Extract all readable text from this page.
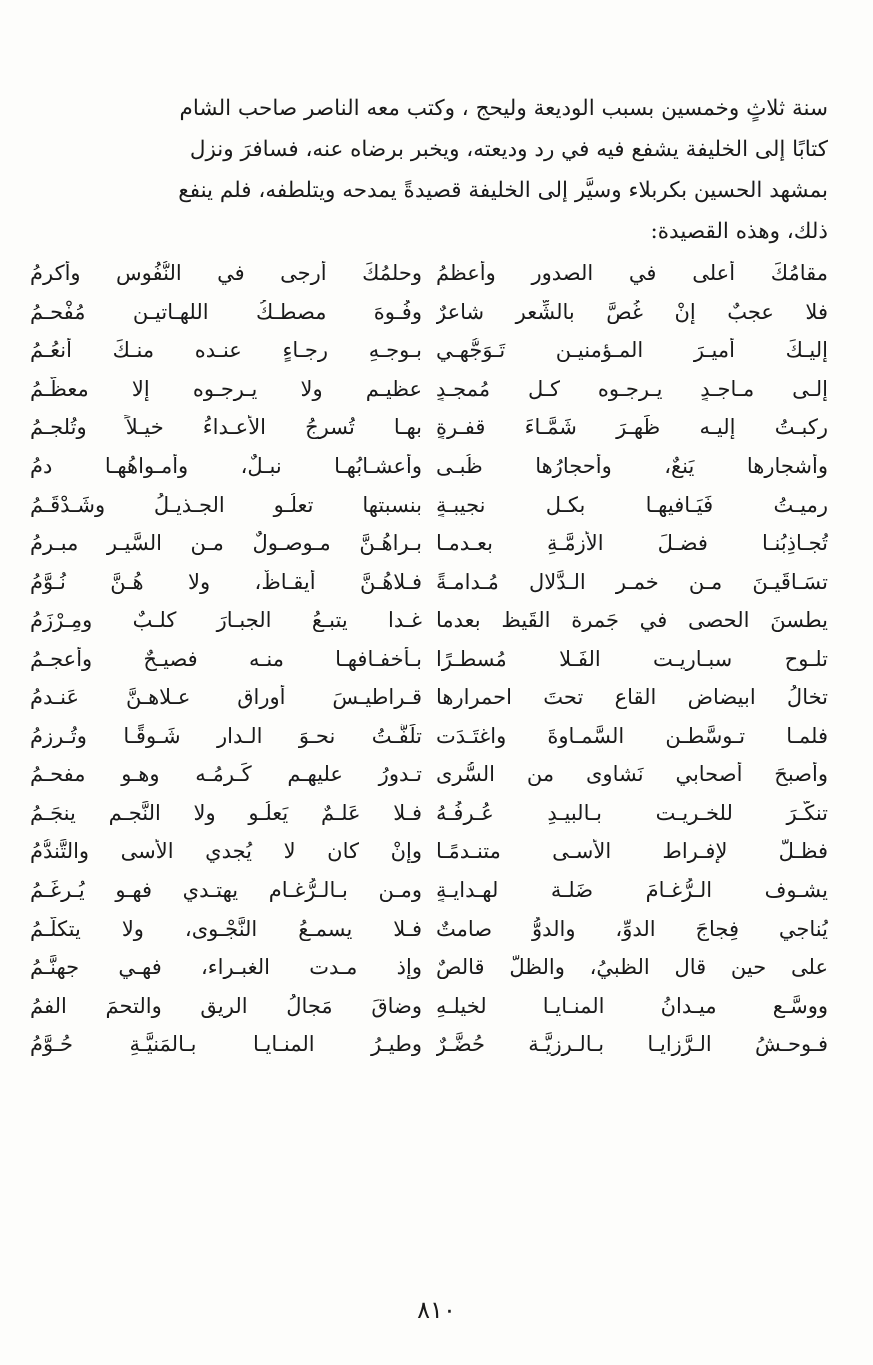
سنة ثلاثٍ وخمسين بسبب الوديعة وليحج ، وكتب معه الناصر صاحب الشام

كتابًا إلى الخليفة يشفع فيه في رد وديعته، ويخبر برضاه عنه، فسافرَ ونزل

بمشهد الحسين بكربلاء وسيَّر إلى الخليفة قصيدةً يمدحه ويتلطفه، فلم ينفع

ذلك، وهذه القصيدة:

مقامُكَ أعلى في الصدور وأعظمُ
وحلمُكَ أرجى في النُّفُوس وأكرمُ
فلا عجبٌ إنْ غُصَّ بالشِّعر شاعرٌ
وفُـوهَ مصطـكُ اللهـاتيـن مُفْحـمُ
إليـكَ أميـرَ المـؤمنيـن تَـوَجُّهـي
بـوجـهِ رجـاءٍ عنـده منـكَ أنعُـمُ
إلـى مـاجـدٍ يـرجـوه كـل مُمجـدٍ
عظيـمٍ ولا يـرجـوه إلا معظَّـمُ
ركبـتُ إليـه ظَهـرَ شَمَّـاءَ قفـرةٍ
بهـا تُسرجُ الأعـداءُ خيـلاً وتُلجـمُ
وأشجارها يَنعٌ، وأحجارُها ظُبـى
وأعشـابُهـا نبـلٌ، وأمـواهُهـا دمُ
رميـتُ فَيَـافيهـا بكـل نجيبـةٍ
بنسبتها تعلُـو الجـذيـلُ وشَـدْقَـمُ
تُجـاذِبُنـا فضـلَ الأزمَّـةِ بعـدمـا
بـراهُـنَّ مـوصـولٌ مـن السَّيـر مبـرمُ
تسَـاقَيـنَ مـن خمـر الـدَّلال مُـدامـةً
فـلاهُـنَّ أيقـاظٌ، ولا هُـنَّ نُـوَّمُ
يطسنَ الحصى في جَمرة القَيظ بعدما
غـدا يتبـعُ الجبـارَ كلـبٌ ومِـرْزَمُ
تلـوح سبـاريـت الفَـلا مُسطـرًا
بـأخفـافهـا منـه فصيـحٌ وأعجـمُ
تخالُ ابيضاض القاع تحتَ احمرارها
قـراطيـسَ أوراق عـلاهـنَّ عَنـدمُ
فلمـا تـوسَّطـن السَّمـاوةَ واغتَـدَت
تلَفَّـتُ نحـوَ الـدار شَـوقًـا وتُـرزمُ
وأصبحَ أصحابي نَشاوى من السُّرى
تـدورُ عليهـم كَـرمُـه وهـو مفحـمُ
تنكَّـرَ للخـريـت بـالبيـدِ عُـرفُـهُ
فـلا عَلـمٌ يَعلُـو ولا النَّجـم ينجَـمُ
فظـلَّ لإفـراط الأسـى متنـدمًـا
وإنْ كان لا يُجدي الأسى والتَّندُّمُ
يشـوف الـرُّغـامَ ضَلـة لهـدايـةٍ
ومـن بـالـرُّغـام يهتـدي فهـو يُـرغَـمُ
يُناجي فِجاجَ الدوِّ، والدوُّ صامتٌ
فـلا يسمـعُ النَّجْـوى، ولا يتكلَّـمُ
على حين قال الظبيُ، والظلُّ قالصٌ
وإذ مـدت الغبـراء، فهـي جهنَّـمُ
ووسَّـع ميـدانُ المنـايـا لخيلـهِ
وضاقَ مَجالُ الريقِ والتحمَ الفمُ
فـوحـشُ الـرَّزايـا بـالـرزيَّـة حُضَّـرٌ
وطيـرُ المنـايـا بـالمَنيَّـةِ حُـوَّمُ
٨١٠
